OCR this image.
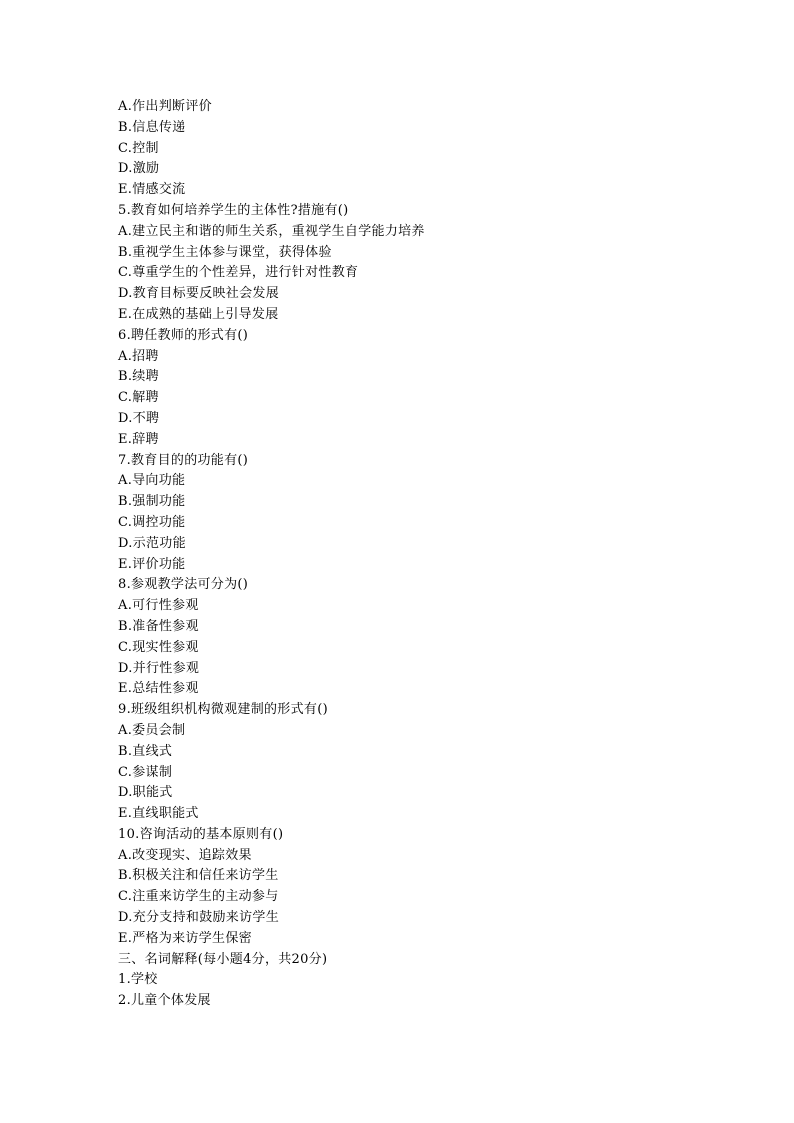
A.作出判断评价
B.信息传递
C.控制
D.激励
E.情感交流
5.教育如何培养学生的主体性?措施有()
A.建立民主和谐的师生关系，重视学生自学能力培养
B.重视学生主体参与课堂，获得体验
C.尊重学生的个性差异，进行针对性教育
D.教育目标要反映社会发展
E.在成熟的基础上引导发展
6.聘任教师的形式有()
A.招聘
B.续聘
C.解聘
D.不聘
E.辞聘
7.教育目的的功能有()
A.导向功能
B.强制功能
C.调控功能
D.示范功能
E.评价功能
8.参观教学法可分为()
A.可行性参观
B.准备性参观
C.现实性参观
D.并行性参观
E.总结性参观
9.班级组织机构微观建制的形式有()
A.委员会制
B.直线式
C.参谋制
D.职能式
E.直线职能式
10.咨询活动的基本原则有()
A.改变现实、追踪效果
B.积极关注和信任来访学生
C.注重来访学生的主动参与
D.充分支持和鼓励来访学生
E.严格为来访学生保密
三、名词解释(每小题4分，共20分)
1.学校
2.儿童个体发展
